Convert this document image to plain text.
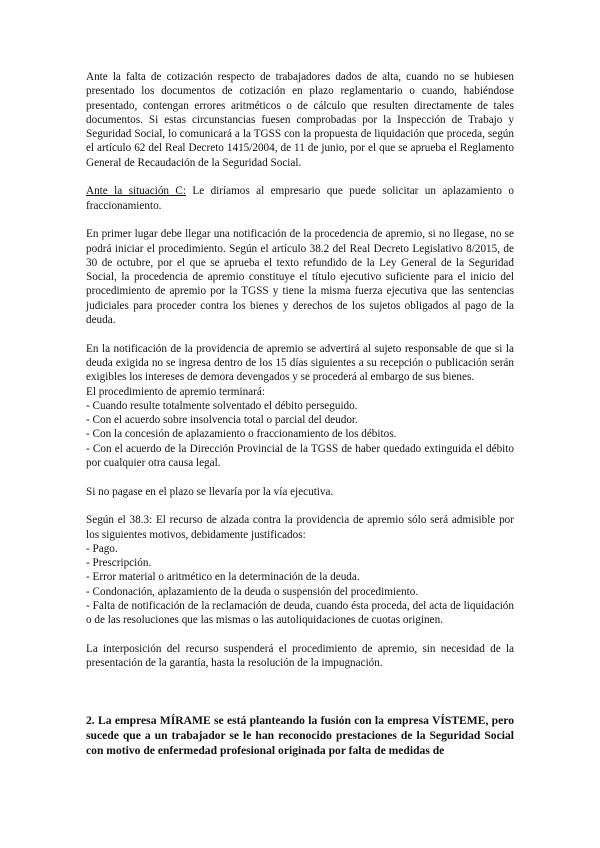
Ante la falta de cotización respecto de trabajadores dados de alta, cuando no se hubiesen presentado los documentos de cotización en plazo reglamentario o cuando, habiéndose presentado, contengan errores aritméticos o de cálculo que resulten directamente de tales documentos. Si estas circunstancias fuesen comprobadas por la Inspección de Trabajo y Seguridad Social, lo comunicará a la TGSS con la propuesta de liquidación que proceda, según el artículo 62 del Real Decreto 1415/2004, de 11 de junio, por el que se aprueba el Reglamento General de Recaudación de la Seguridad Social.

Ante la situación C: Le diríamos al empresario que puede solicitar un aplazamiento o fraccionamiento.

En primer lugar debe llegar una notificación de la procedencia de apremio, si no llegase, no se podrá iniciar el procedimiento. Según el artículo 38.2 del Real Decreto Legislativo 8/2015, de 30 de octubre, por el que se aprueba el texto refundido de la Ley General de la Seguridad Social, la procedencia de apremio constituye el título ejecutivo suficiente para el inicio del procedimiento de apremio por la TGSS y tiene la misma fuerza ejecutiva que las sentencias judiciales para proceder contra los bienes y derechos de los sujetos obligados al pago de la deuda.

En la notificación de la providencia de apremio se advertirá al sujeto responsable de que si la deuda exigida no se ingresa dentro de los 15 días siguientes a su recepción o publicación serán exigibles los intereses de demora devengados y se procederá al embargo de sus bienes.

El procedimiento de apremio terminará:

- Cuando resulte totalmente solventado el débito perseguido.

- Con el acuerdo sobre insolvencia total o parcial del deudor.

- Con la concesión de aplazamiento o fraccionamiento de los débitos.

- Con el acuerdo de la Dirección Provincial de la TGSS de haber quedado extinguida el débito por cualquier otra causa legal.

Si no pagase en el plazo se llevaría por la vía ejecutiva.

Según el 38.3: El recurso de alzada contra la providencia de apremio sólo será admisible por los siguientes motivos, debidamente justificados:

- Pago.

- Prescripción.

- Error material o aritmético en la determinación de la deuda.

- Condonación, aplazamiento de la deuda o suspensión del procedimiento.

- Falta de notificación de la reclamación de deuda, cuando ésta proceda, del acta de liquidación o de las resoluciones que las mismas o las autoliquidaciones de cuotas originen.

La interposición del recurso suspenderá el procedimiento de apremio, sin necesidad de la presentación de la garantía, hasta la resolución de la impugnación.

2. La empresa MÍRAME se está planteando la fusión con la empresa VÍSTEME, pero sucede que a un trabajador se le han reconocido prestaciones de la Seguridad Social con motivo de enfermedad profesional originada por falta de medidas de
